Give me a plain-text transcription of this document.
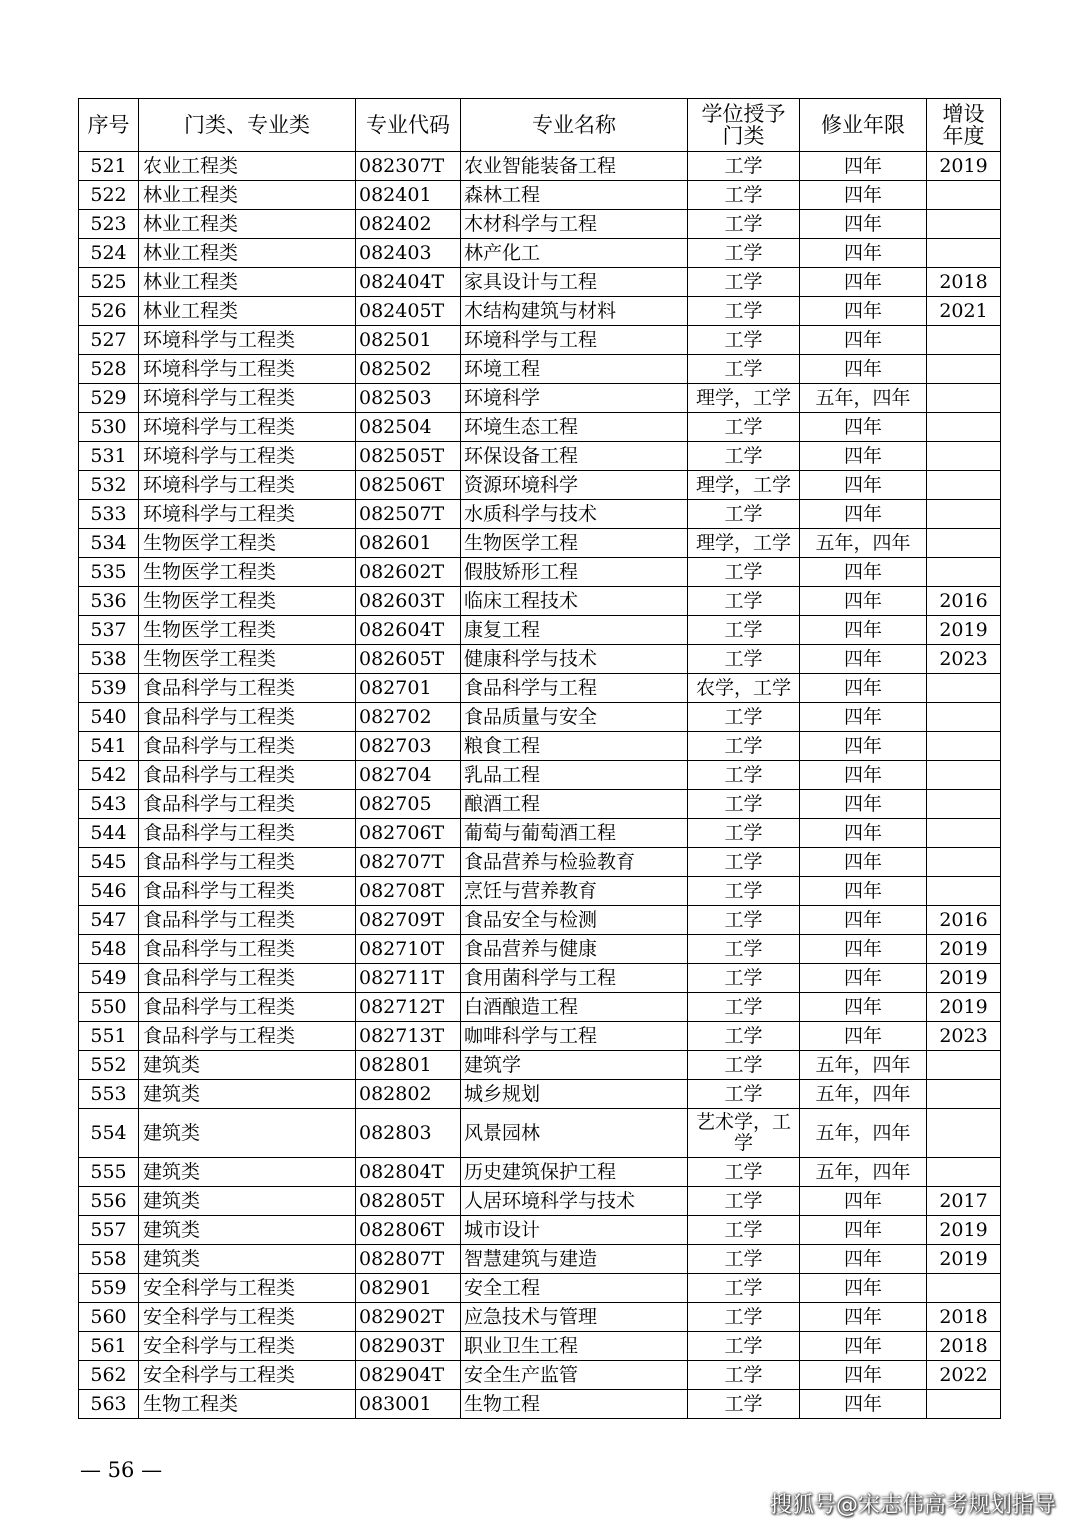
序号	门类、专业类	专业代码	专业名称	学位授予门类	修业年限	增设年度
521	农业工程类	082307T	农业智能装备工程	工学	四年	2019
522	林业工程类	082401	森林工程	工学	四年	
523	林业工程类	082402	木材科学与工程	工学	四年	
524	林业工程类	082403	林产化工	工学	四年	
525	林业工程类	082404T	家具设计与工程	工学	四年	2018
526	林业工程类	082405T	木结构建筑与材料	工学	四年	2021
527	环境科学与工程类	082501	环境科学与工程	工学	四年	
528	环境科学与工程类	082502	环境工程	工学	四年	
529	环境科学与工程类	082503	环境科学	理学，工学	五年，四年	
530	环境科学与工程类	082504	环境生态工程	工学	四年	
531	环境科学与工程类	082505T	环保设备工程	工学	四年	
532	环境科学与工程类	082506T	资源环境科学	理学，工学	四年	
533	环境科学与工程类	082507T	水质科学与技术	工学	四年	
534	生物医学工程类	082601	生物医学工程	理学，工学	五年，四年	
535	生物医学工程类	082602T	假肢矫形工程	工学	四年	
536	生物医学工程类	082603T	临床工程技术	工学	四年	2016
537	生物医学工程类	082604T	康复工程	工学	四年	2019
538	生物医学工程类	082605T	健康科学与技术	工学	四年	2023
539	食品科学与工程类	082701	食品科学与工程	农学，工学	四年	
540	食品科学与工程类	082702	食品质量与安全	工学	四年	
541	食品科学与工程类	082703	粮食工程	工学	四年	
542	食品科学与工程类	082704	乳品工程	工学	四年	
543	食品科学与工程类	082705	酿酒工程	工学	四年	
544	食品科学与工程类	082706T	葡萄与葡萄酒工程	工学	四年	
545	食品科学与工程类	082707T	食品营养与检验教育	工学	四年	
546	食品科学与工程类	082708T	烹饪与营养教育	工学	四年	
547	食品科学与工程类	082709T	食品安全与检测	工学	四年	2016
548	食品科学与工程类	082710T	食品营养与健康	工学	四年	2019
549	食品科学与工程类	082711T	食用菌科学与工程	工学	四年	2019
550	食品科学与工程类	082712T	白酒酿造工程	工学	四年	2019
551	食品科学与工程类	082713T	咖啡科学与工程	工学	四年	2023
552	建筑类	082801	建筑学	工学	五年，四年	
553	建筑类	082802	城乡规划	工学	五年，四年	
554	建筑类	082803	风景园林	艺术学，工学	五年，四年	
555	建筑类	082804T	历史建筑保护工程	工学	五年，四年	
556	建筑类	082805T	人居环境科学与技术	工学	四年	2017
557	建筑类	082806T	城市设计	工学	四年	2019
558	建筑类	082807T	智慧建筑与建造	工学	四年	2019
559	安全科学与工程类	082901	安全工程	工学	四年	
560	安全科学与工程类	082902T	应急技术与管理	工学	四年	2018
561	安全科学与工程类	082903T	职业卫生工程	工学	四年	2018
562	安全科学与工程类	082904T	安全生产监管	工学	四年	2022
563	生物工程类	083001	生物工程	工学	四年	
— 56 —
搜狐号@宋志伟高考规划指导
